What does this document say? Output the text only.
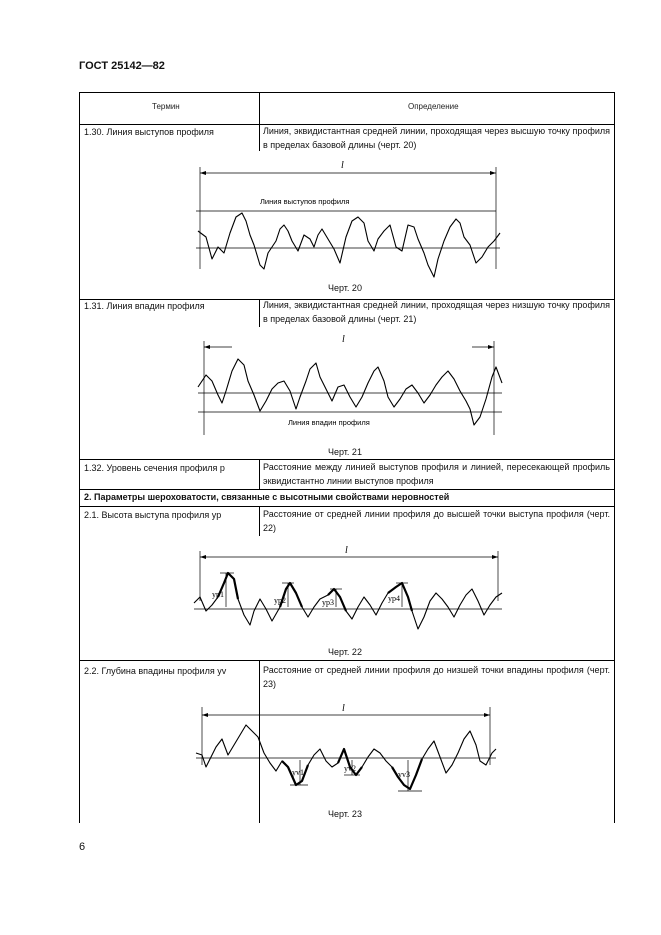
ГОСТ 25142—82
Термин	Определение
1.30. Линия выступов профиля	Линия, эквидистантная средней линии, проходящая через высшую точку профиля в пределах базовой длины (черт. 20)
l
Линия выступов профиля
Черт. 20
1.31. Линия впадин профиля	Линия, эквидистантная средней линии, проходящая через низшую точку профиля в пределах базовой длины (черт. 21)
l
Линия впадин профиля
Черт. 21
1.32. Уровень сечения профиля p	Расстояние между линией выступов профиля и линией, пересекающей профиль эквидистантно линии выступов профиля
2. Параметры шероховатости, связанные с высотными свойствами неровностей
2.1. Высота выступа профиля yp	Расстояние от средней линии профиля до высшей точки выступа профиля (черт. 22)
l
yp1
yp2	yp3	yp4
Черт. 22
2.2. Глубина впадины профиля yv	Расстояние от средней линии профиля до низшей точки впадины профиля (черт. 23)
l
yv1	yv2
yv3
Черт. 23
6
